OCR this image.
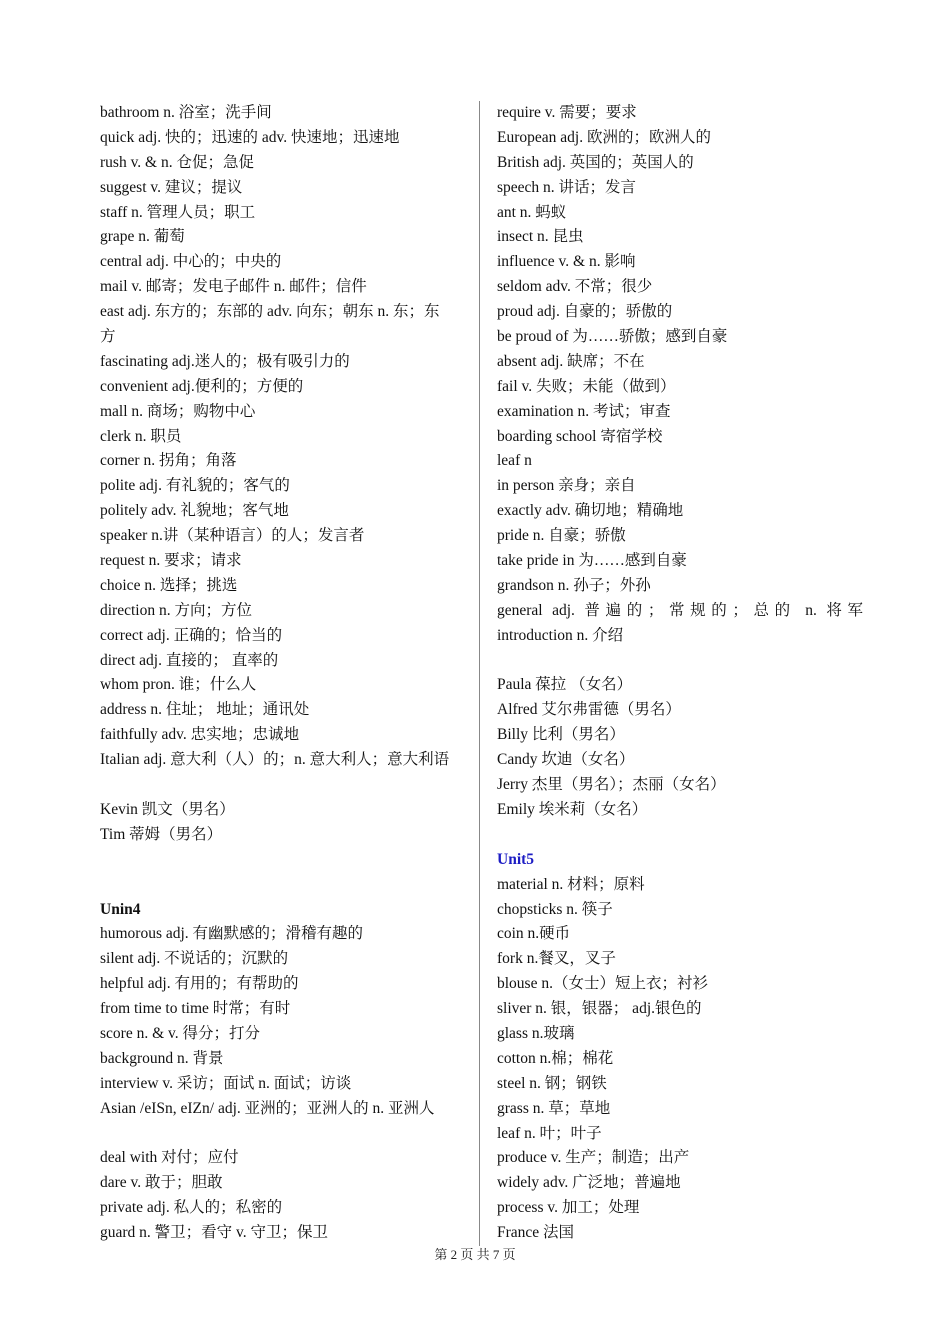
bathroom n. 浴室；洗手间
quick adj. 快的；迅速的 adv. 快速地；迅速地
rush v. & n. 仓促；急促
suggest v. 建议；提议
staff n. 管理人员；职工
grape n. 葡萄
central adj. 中心的；中央的
mail v. 邮寄；发电子邮件 n. 邮件；信件
east adj. 东方的；东部的 adv. 向东；朝东 n. 东；东
方
fascinating adj.迷人的；极有吸引力的
convenient adj.便利的；方便的
mall n. 商场；购物中心
clerk n. 职员
corner n. 拐角；角落
polite adj. 有礼貌的；客气的
politely adv. 礼貌地；客气地
speaker n.讲（某种语言）的人；发言者
request n. 要求；请求
choice n. 选择；挑选
direction n. 方向；方位
correct adj. 正确的；恰当的
direct adj. 直接的； 直率的
whom pron. 谁；什么人
address n. 住址； 地址；通讯处
faithfully adv. 忠实地；忠诚地
Italian adj. 意大利（人）的；n. 意大利人；意大利语
Kevin 凯文（男名）
Tim 蒂姆（男名）
Unin4
humorous adj. 有幽默感的；滑稽有趣的
silent adj. 不说话的；沉默的
helpful adj. 有用的；有帮助的
from time to time 时常；有时
score n. & v. 得分；打分
background n. 背景
interview v. 采访；面试 n. 面试；访谈
Asian /eISn, eIZn/ adj. 亚洲的；亚洲人的 n. 亚洲人
deal with 对付；应付
dare v. 敢于；胆敢
private adj. 私人的；私密的
guard n. 警卫；看守 v. 守卫；保卫
require v. 需要；要求
European adj. 欧洲的；欧洲人的
British adj. 英国的；英国人的
speech n. 讲话；发言
ant n. 蚂蚁
insect n. 昆虫
influence v. & n. 影响
seldom adv. 不常；很少
proud adj. 自豪的；骄傲的
be proud of 为……骄傲；感到自豪
absent adj. 缺席；不在
fail v. 失败；未能（做到）
examination n. 考试；审查
boarding school 寄宿学校
leaf n
in person 亲身；亲自
exactly adv. 确切地；精确地
pride n. 自豪；骄傲
take pride in 为……感到自豪
grandson n. 孙子；外孙
general adj. 普遍的；常规的；总的 n. 将军
introduction n. 介绍
Paula 葆拉 （女名）
Alfred 艾尔弗雷德（男名）
Billy 比利（男名）
Candy 坎迪（女名）
Jerry 杰里（男名）；杰丽（女名）
Emily 埃米莉（女名）
Unit5
material n. 材料；原料
chopsticks n. 筷子
coin n.硬币
fork n.餐叉，叉子
blouse n.（女士）短上衣；衬衫
sliver n. 银，银器； adj.银色的
glass n.玻璃
cotton n.棉；棉花
steel n. 钢；钢铁
grass n. 草；草地
leaf n. 叶；叶子
produce v. 生产；制造；出产
widely adv. 广泛地；普遍地
process v. 加工；处理
France 法国
第 2 页 共 7 页
